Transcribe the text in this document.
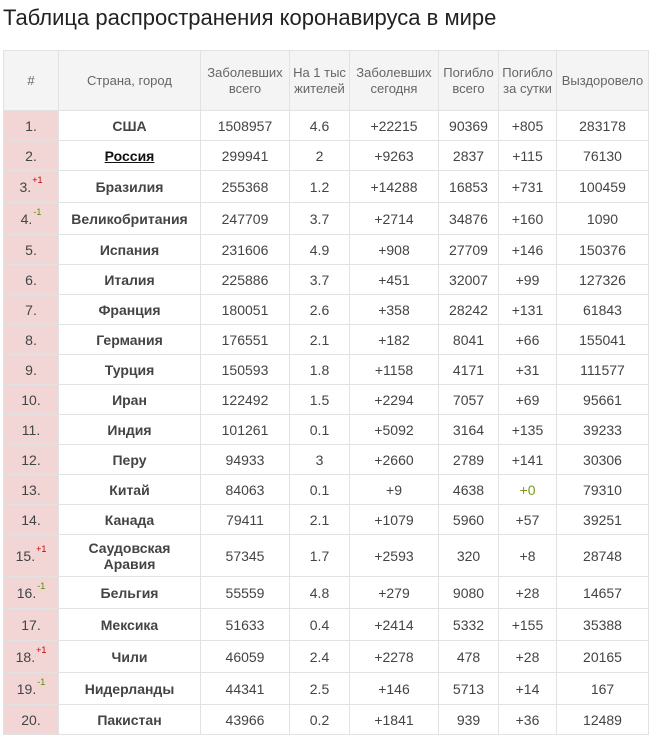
Таблица распространения коронавируса в мире
#	Страна, город	Заболевших всего	На 1 тыс жителей	Заболевших сегодня	Погибло всего	Погибло за сутки	Выздоровело
1.	США	1508957	4.6	+22215	90369	+805	283178
2.	Россия	299941	2	+9263	2837	+115	76130
3.$^{+1}$	Бразилия	255368	1.2	+14288	16853	+731	100459
4.$^{-1}$	Великобритания	247709	3.7	+2714	34876	+160	1090
5.	Испания	231606	4.9	+908	27709	+146	150376
6.	Италия	225886	3.7	+451	32007	+99	127326
7.	Франция	180051	2.6	+358	28242	+131	61843
8.	Германия	176551	2.1	+182	8041	+66	155041
9.	Турция	150593	1.8	+1158	4171	+31	111577
10.	Иран	122492	1.5	+2294	7057	+69	95661
11.	Индия	101261	0.1	+5092	3164	+135	39233
12.	Перу	94933	3	+2660	2789	+141	30306
13.	Китай	84063	0.1	+9	4638	+0	79310
14.	Канада	79411	2.1	+1079	5960	+57	39251
15.$^{+1}$	Саудовская Аравия	57345	1.7	+2593	320	+8	28748
16.$^{-1}$	Бельгия	55559	4.8	+279	9080	+28	14657
17.	Мексика	51633	0.4	+2414	5332	+155	35388
18.$^{+1}$	Чили	46059	2.4	+2278	478	+28	20165
19.$^{-1}$	Нидерланды	44341	2.5	+146	5713	+14	167
20.	Пакистан	43966	0.2	+1841	939	+36	12489
